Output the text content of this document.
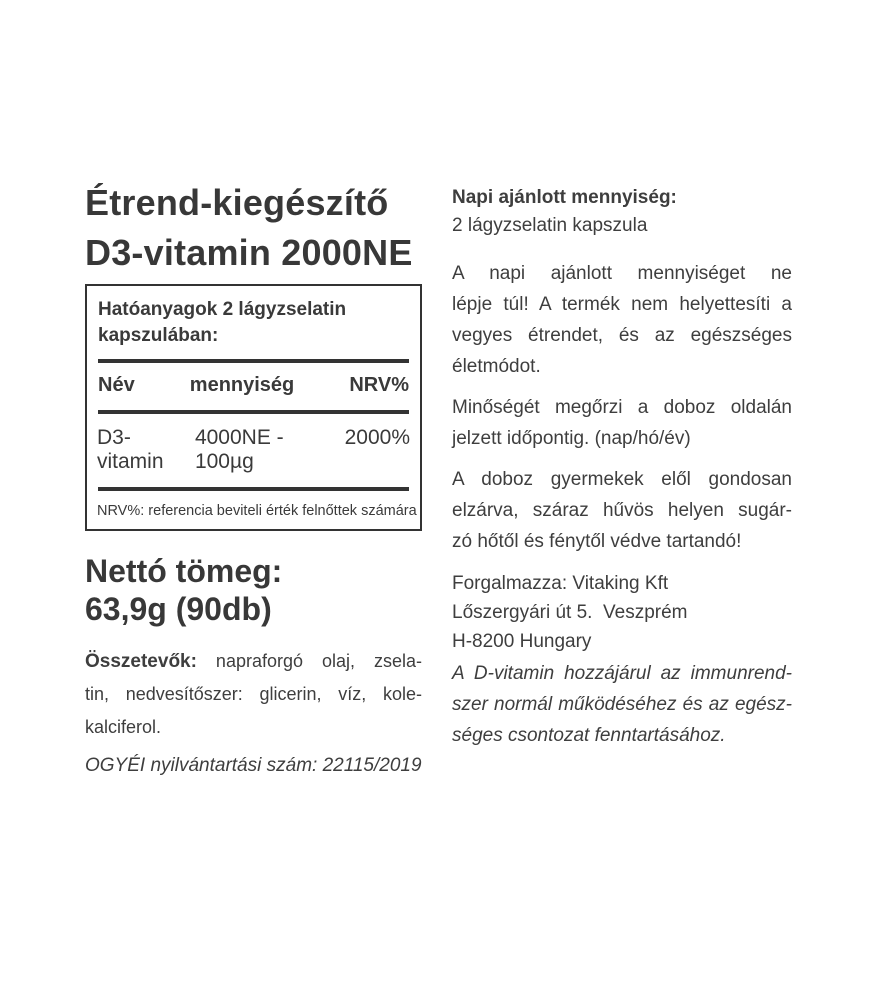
Étrend-kiegészítő
D3-vitamin 2000NE
Hatóanyagok 2 lágyzselatin kapszulában:
Név	mennyiség	NRV%
D3-vitamin
4000NE - 100µg
2000%
NRV%: referencia beviteli érték felnőttek számára
Nettó tömeg:
63,9g (90db)
Összetevők: napraforgó olaj, zsela-
tin, nedvesítőszer: glicerin, víz, kole-
kalciferol.
OGYÉI nyilvántartási szám: 22115/2019
Napi ajánlott mennyiség:
2 lágyzselatin kapszula
A napi ajánlott mennyiséget ne
lépje túl! A termék nem helyettesíti a
vegyes étrendet, és az egészséges
életmódot.
Minőségét megőrzi a doboz oldalán
jelzett időpontig. (nap/hó/év)
A doboz gyermekek elől gondosan
elzárva, száraz hűvös helyen sugár-
zó hőtől és fénytől védve tartandó!
Forgalmazza: Vitaking Kft
Lőszergyári út 5.  Veszprém
H-8200 Hungary
A D-vitamin hozzájárul az immunrend-
szer normál működéséhez és az egész-
séges csontozat fenntartásához.
